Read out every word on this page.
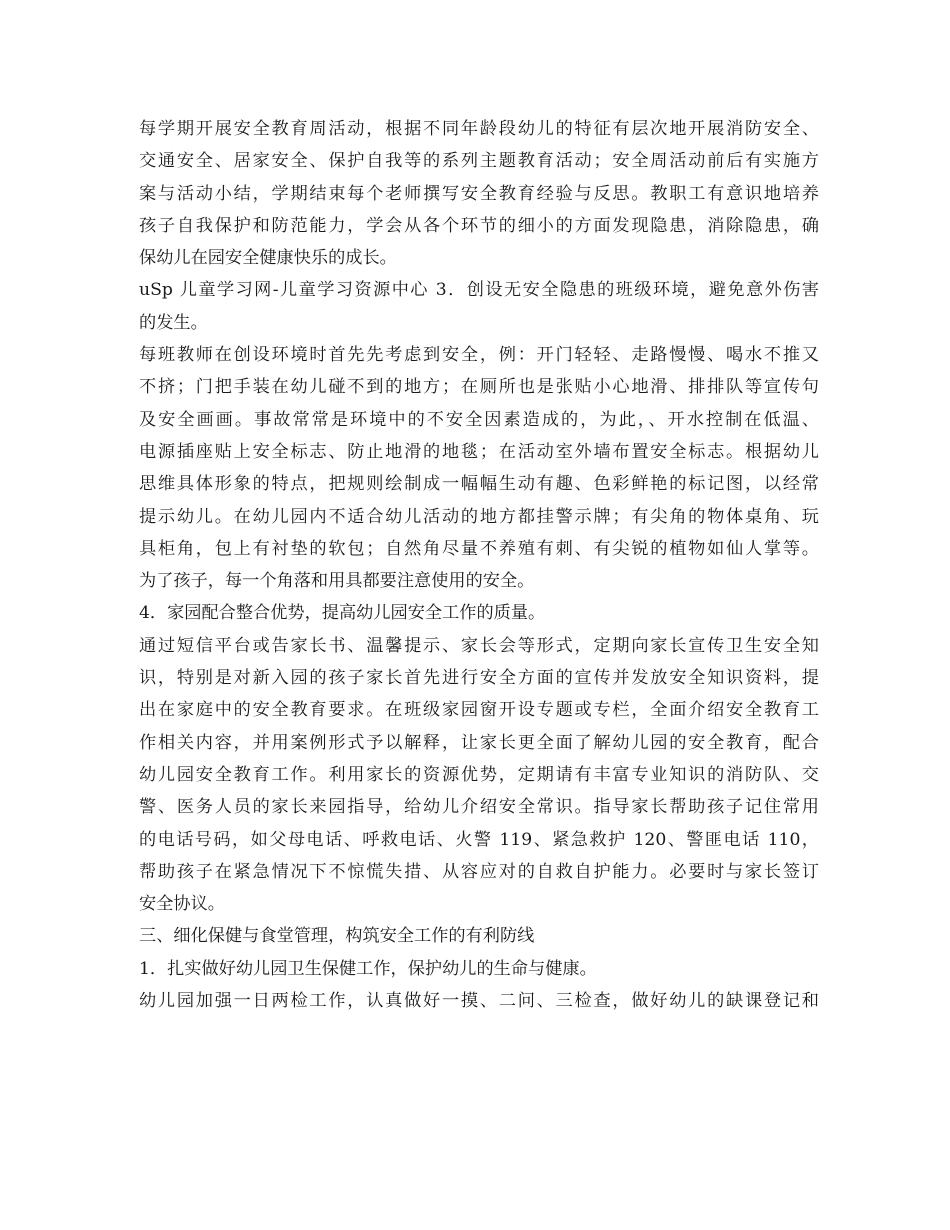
每学期开展安全教育周活动，根据不同年龄段幼儿的特征有层次地开展消防安全、
交通安全、居家安全、保护自我等的系列主题教育活动；安全周活动前后有实施方
案与活动小结，学期结束每个老师撰写安全教育经验与反思。教职工有意识地培养
孩子自我保护和防范能力，学会从各个环节的细小的方面发现隐患，消除隐患，确
保幼儿在园安全健康快乐的成长。
uSp 儿童学习网-儿童学习资源中心 3．创设无安全隐患的班级环境，避免意外伤害
的发生。
每班教师在创设环境时首先先考虑到安全，例：开门轻轻、走路慢慢、喝水不推又
不挤；门把手装在幼儿碰不到的地方；在厕所也是张贴小心地滑、排排队等宣传句
及安全画画。事故常常是环境中的不安全因素造成的，为此，、开水控制在低温、
电源插座贴上安全标志、防止地滑的地毯；在活动室外墙布置安全标志。根据幼儿
思维具体形象的特点，把规则绘制成一幅幅生动有趣、色彩鲜艳的标记图，以经常
提示幼儿。在幼儿园内不适合幼儿活动的地方都挂警示牌；有尖角的物体桌角、玩
具柜角，包上有衬垫的软包；自然角尽量不养殖有刺、有尖锐的植物如仙人掌等。
为了孩子，每一个角落和用具都要注意使用的安全。
4．家园配合整合优势，提高幼儿园安全工作的质量。
通过短信平台或告家长书、温馨提示、家长会等形式，定期向家长宣传卫生安全知
识，特别是对新入园的孩子家长首先进行安全方面的宣传并发放安全知识资料，提
出在家庭中的安全教育要求。在班级家园窗开设专题或专栏，全面介绍安全教育工
作相关内容，并用案例形式予以解释，让家长更全面了解幼儿园的安全教育，配合
幼儿园安全教育工作。利用家长的资源优势，定期请有丰富专业知识的消防队、交
警、医务人员的家长来园指导，给幼儿介绍安全常识。指导家长帮助孩子记住常用
的电话号码，如父母电话、呼救电话、火警 119、紧急救护 120、警匪电话 110，
帮助孩子在紧急情况下不惊慌失措、从容应对的自救自护能力。必要时与家长签订
安全协议。
三、细化保健与食堂管理，构筑安全工作的有利防线
1．扎实做好幼儿园卫生保健工作，保护幼儿的生命与健康。
幼儿园加强一日两检工作，认真做好一摸、二问、三检查，做好幼儿的缺课登记和
